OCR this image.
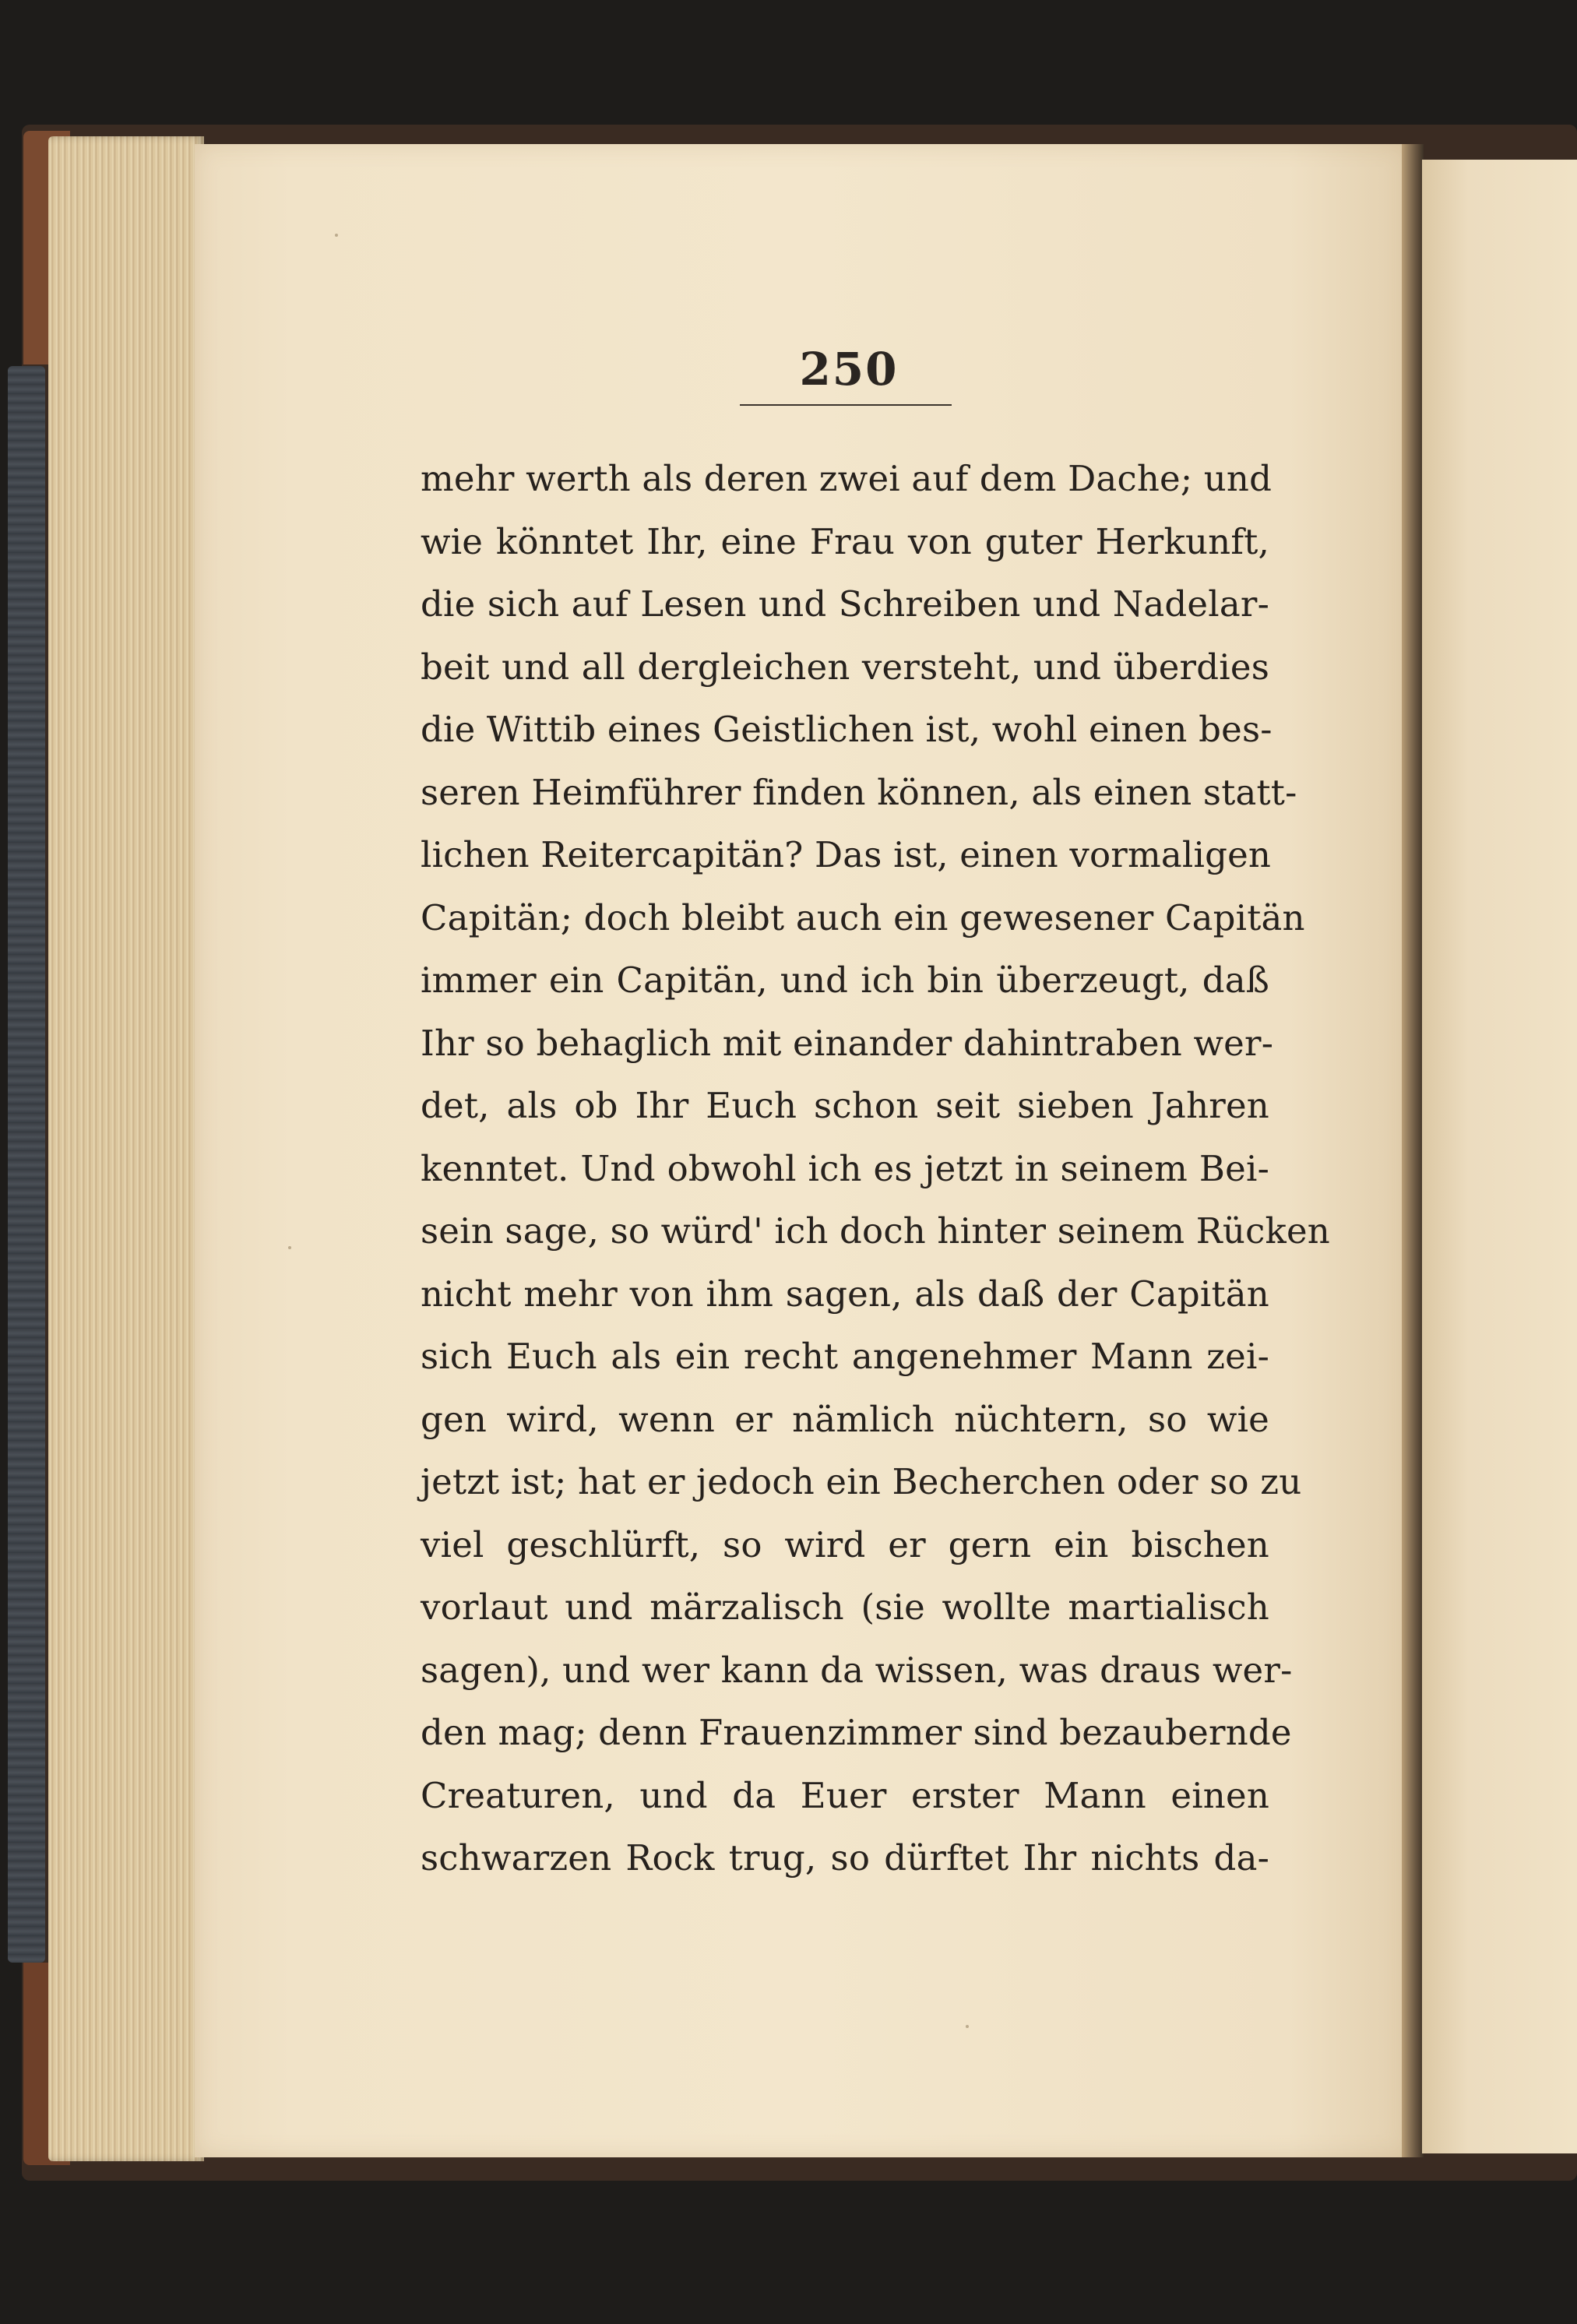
250
mehr werth als deren zwei auf dem Dache; und
wie könntet Ihr, eine Frau von guter Herkunft,
die sich auf Lesen und Schreiben und Nadelar-
beit und all dergleichen versteht, und überdies
die Wittib eines Geistlichen ist, wohl einen bes-
seren Heimführer finden können, als einen statt-
lichen Reitercapitän? Das ist, einen vormaligen
Capitän; doch bleibt auch ein gewesener Capitän
immer ein Capitän, und ich bin überzeugt, daß
Ihr so behaglich mit einander dahintraben wer-
det, als ob Ihr Euch schon seit sieben Jahren
kenntet. Und obwohl ich es jetzt in seinem Bei-
sein sage, so würd' ich doch hinter seinem Rücken
nicht mehr von ihm sagen, als daß der Capitän
sich Euch als ein recht angenehmer Mann zei-
gen wird, wenn er nämlich nüchtern, so wie
jetzt ist; hat er jedoch ein Becherchen oder so zu
viel geschlürft, so wird er gern ein bischen
vorlaut und märzalisch (sie wollte martialisch
sagen), und wer kann da wissen, was draus wer-
den mag; denn Frauenzimmer sind bezaubernde
Creaturen, und da Euer erster Mann einen
schwarzen Rock trug, so dürftet Ihr nichts da-
